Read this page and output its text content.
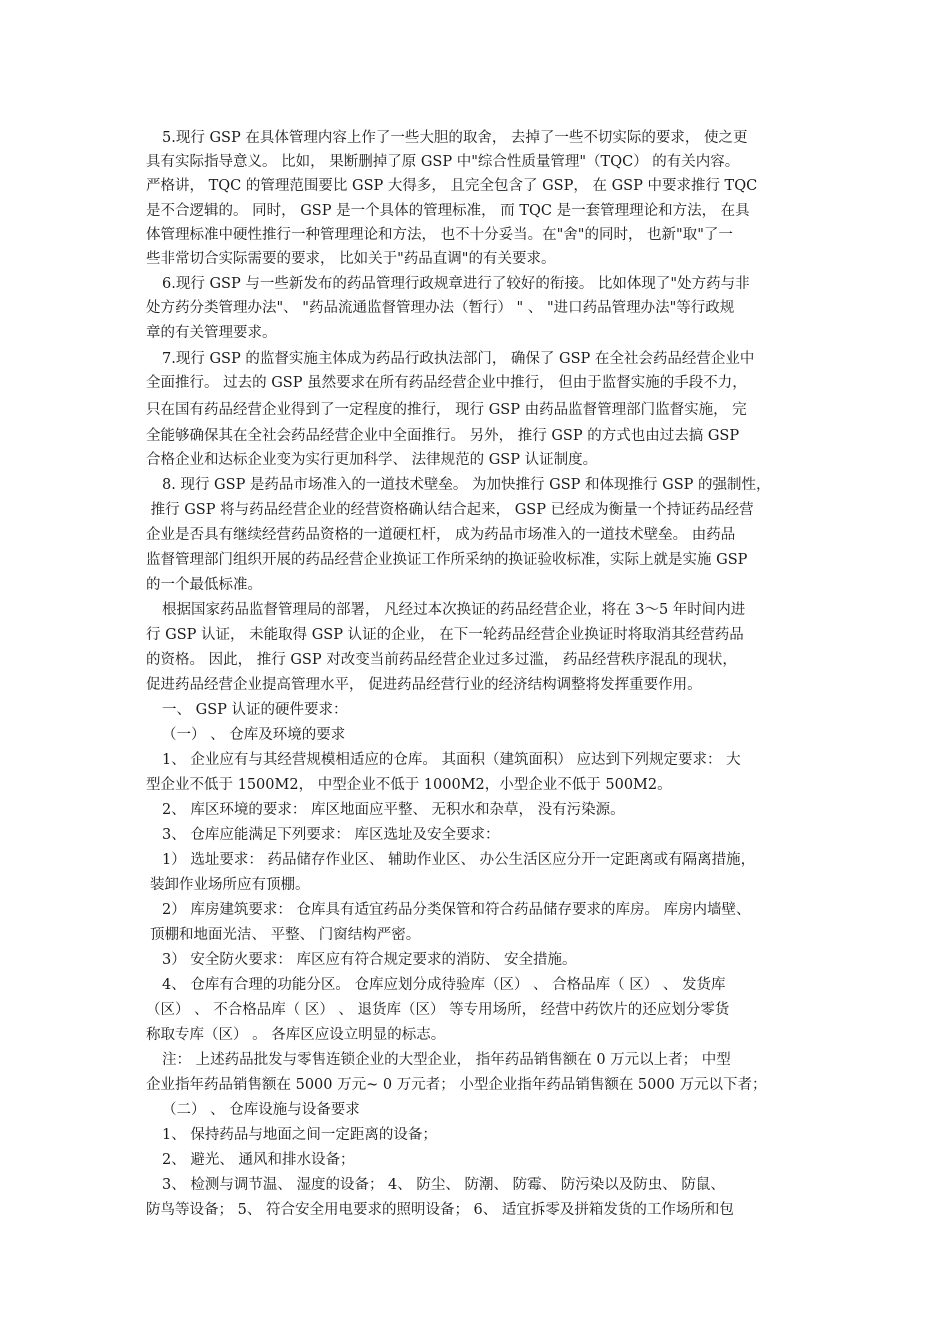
5.现行 GSP 在具体管理内容上作了一些大胆的取舍， 去掉了一些不切实际的要求， 使之更
具有实际指导意义。 比如， 果断删掉了原 GSP 中"综合性质量管理"（TQC） 的有关内容。
严格讲， TQC 的管理范围要比 GSP 大得多， 且完全包含了 GSP， 在 GSP 中要求推行 TQC
是不合逻辑的。 同时， GSP 是一个具体的管理标准， 而 TQC 是一套管理理论和方法， 在具
体管理标准中硬性推行一种管理理论和方法， 也不十分妥当。在"舍"的同时， 也新"取"了一
些非常切合实际需要的要求， 比如关于"药品直调"的有关要求。
6.现行 GSP 与一些新发布的药品管理行政规章进行了较好的衔接。 比如体现了"处方药与非
处方药分类管理办法"、 "药品流通监督管理办法（暂行） " 、 "进口药品管理办法"等行政规
章的有关管理要求。
7.现行 GSP 的监督实施主体成为药品行政执法部门， 确保了 GSP 在全社会药品经营企业中
全面推行。 过去的 GSP 虽然要求在所有药品经营企业中推行， 但由于监督实施的手段不力，
只在国有药品经营企业得到了一定程度的推行， 现行 GSP 由药品监督管理部门监督实施， 完
全能够确保其在全社会药品经营企业中全面推行。 另外， 推行 GSP 的方式也由过去搞 GSP
合格企业和达标企业变为实行更加科学、 法律规范的 GSP 认证制度。
8. 现行 GSP 是药品市场准入的一道技术壁垒。 为加快推行 GSP 和体现推行 GSP 的强制性，
推行 GSP 将与药品经营企业的经营资格确认结合起来， GSP 已经成为衡量一个持证药品经营
企业是否具有继续经营药品资格的一道硬杠杆， 成为药品市场准入的一道技术壁垒。 由药品
监督管理部门组织开展的药品经营企业换证工作所采纳的换证验收标准，实际上就是实施 GSP
的一个最低标准。
根据国家药品监督管理局的部署， 凡经过本次换证的药品经营企业，将在 3～5 年时间内进
行 GSP 认证， 未能取得 GSP 认证的企业， 在下一轮药品经营企业换证时将取消其经营药品
的资格。 因此， 推行 GSP 对改变当前药品经营企业过多过滥， 药品经营秩序混乱的现状，
促进药品经营企业提高管理水平， 促进药品经营行业的经济结构调整将发挥重要作用。
一、 GSP 认证的硬件要求：
（一） 、 仓库及环境的要求
1、 企业应有与其经营规模相适应的仓库。 其面积（建筑面积） 应达到下列规定要求： 大
型企业不低于 1500M2， 中型企业不低于 1000M2，小型企业不低于 500M2。
2、 库区环境的要求： 库区地面应平整、 无积水和杂草， 没有污染源。
3、 仓库应能满足下列要求： 库区选址及安全要求：
1） 选址要求： 药品储存作业区、 辅助作业区、 办公生活区应分开一定距离或有隔离措施，
装卸作业场所应有顶棚。
2） 库房建筑要求： 仓库具有适宜药品分类保管和符合药品储存要求的库房。 库房内墙壁、
顶棚和地面光洁、 平整、 门窗结构严密。
3） 安全防火要求： 库区应有符合规定要求的消防、 安全措施。
4、 仓库有合理的功能分区。 仓库应划分成待验库（区） 、 合格品库（ 区） 、 发货库
（区） 、 不合格品库（ 区） 、 退货库（区） 等专用场所， 经营中药饮片的还应划分零货
称取专库（区） 。 各库区应设立明显的标志。
注： 上述药品批发与零售连锁企业的大型企业， 指年药品销售额在 0 万元以上者； 中型
企业指年药品销售额在 5000 万元~ 0 万元者； 小型企业指年药品销售额在 5000 万元以下者；
（二） 、 仓库设施与设备要求
1、 保持药品与地面之间一定距离的设备；
2、 避光、 通风和排水设备；
3、 检测与调节温、 湿度的设备； 4、 防尘、 防潮、 防霉、 防污染以及防虫、 防鼠、
防鸟等设备； 5、 符合安全用电要求的照明设备； 6、 适宜拆零及拼箱发货的工作场所和包
